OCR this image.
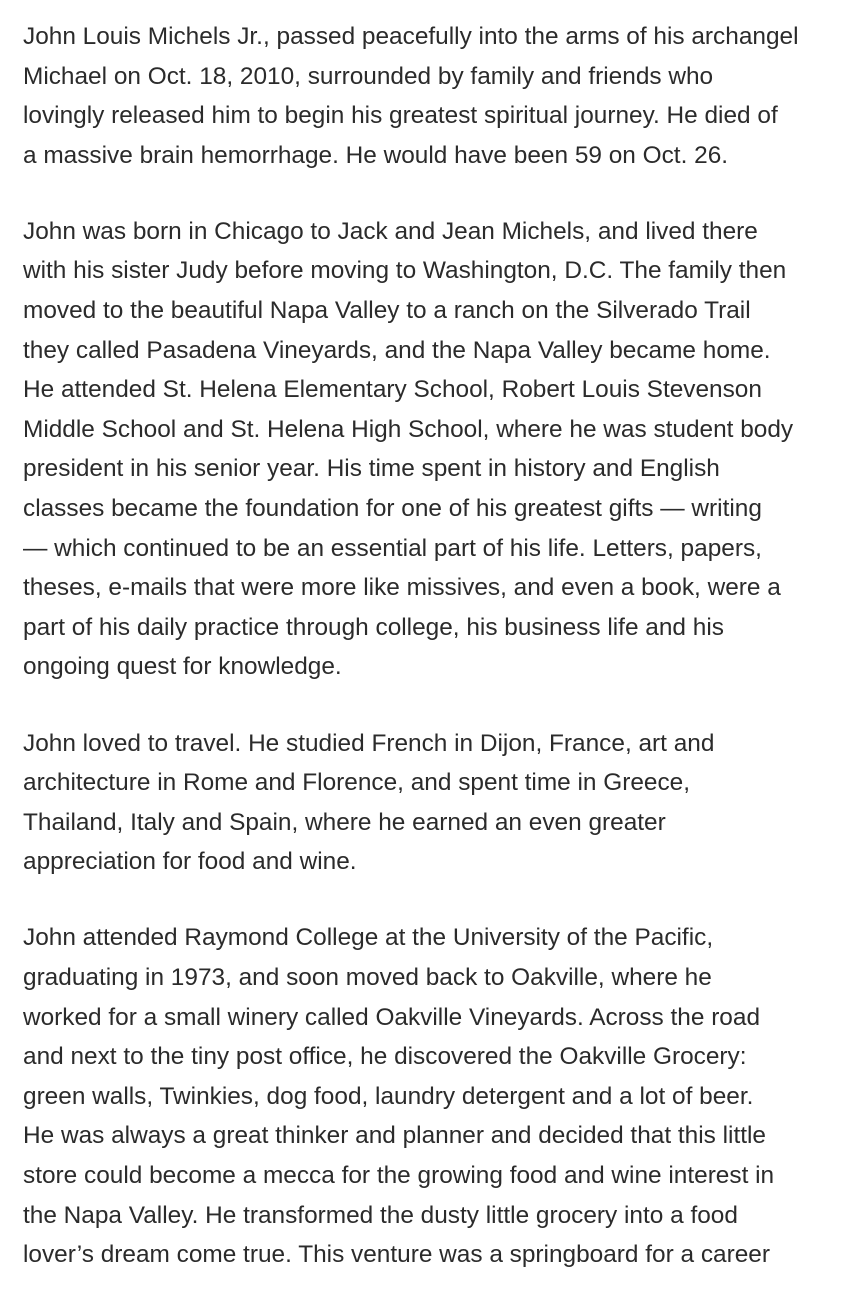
John Louis Michels Jr., passed peacefully into the arms of his archangel
Michael on Oct. 18, 2010, surrounded by family and friends who
lovingly released him to begin his greatest spiritual journey. He died of
a massive brain hemorrhage. He would have been 59 on Oct. 26.

John was born in Chicago to Jack and Jean Michels, and lived there
with his sister Judy before moving to Washington, D.C. The family then
moved to the beautiful Napa Valley to a ranch on the Silverado Trail
they called Pasadena Vineyards, and the Napa Valley became home.
He attended St. Helena Elementary School, Robert Louis Stevenson
Middle School and St. Helena High School, where he was student body
president in his senior year. His time spent in history and English
classes became the foundation for one of his greatest gifts — writing
— which continued to be an essential part of his life. Letters, papers,
theses, e-mails that were more like missives, and even a book, were a
part of his daily practice through college, his business life and his
ongoing quest for knowledge.

John loved to travel. He studied French in Dijon, France, art and
architecture in Rome and Florence, and spent time in Greece,
Thailand, Italy and Spain, where he earned an even greater
appreciation for food and wine.

John attended Raymond College at the University of the Pacific,
graduating in 1973, and soon moved back to Oakville, where he
worked for a small winery called Oakville Vineyards. Across the road
and next to the tiny post office, he discovered the Oakville Grocery:
green walls, Twinkies, dog food, laundry detergent and a lot of beer.
He was always a great thinker and planner and decided that this little
store could become a mecca for the growing food and wine interest in
the Napa Valley. He transformed the dusty little grocery into a food
lover’s dream come true. This venture was a springboard for a career
